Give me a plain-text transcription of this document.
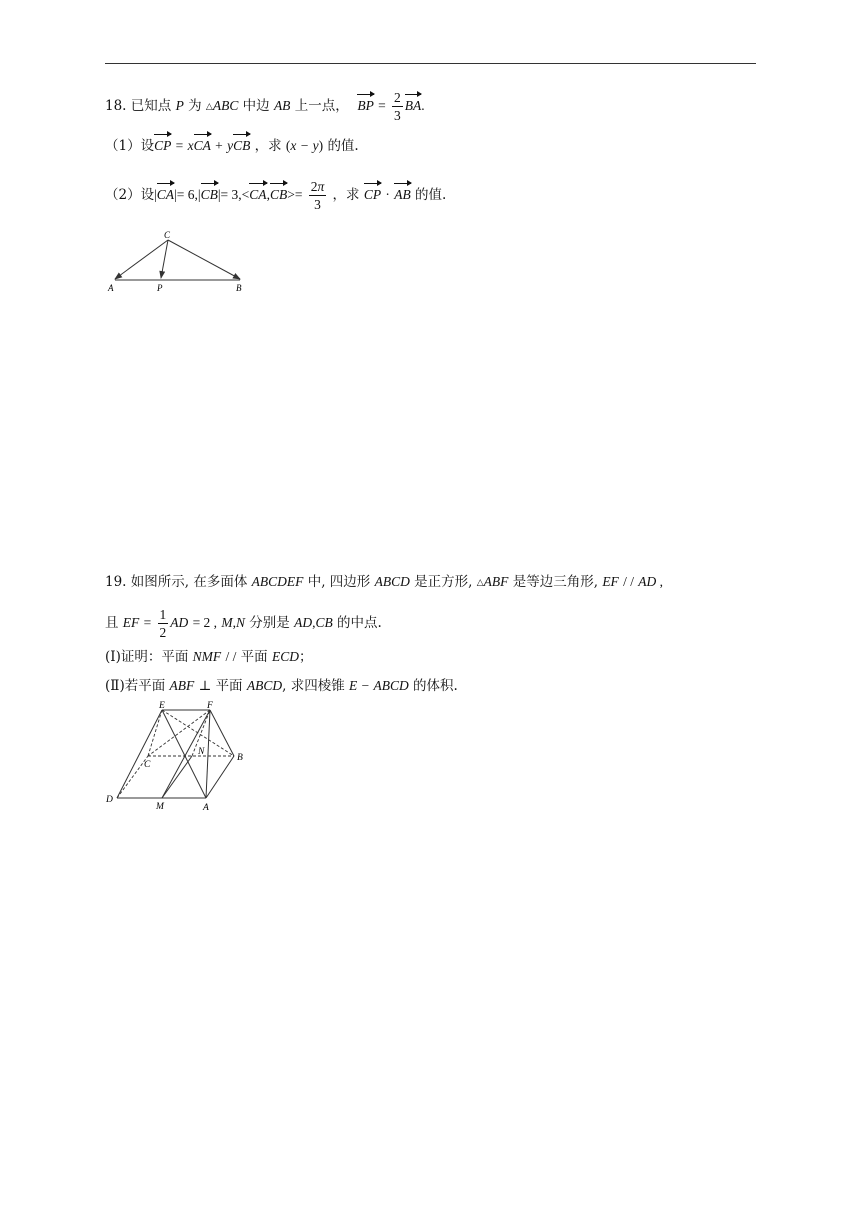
18. 已知点 P 为 △ABC 中边 AB 上一点， BP = $\frac{2}{3}$ BA.
（1）设CP = xCA + yCB ，求 (x − y) 的值.
（2）设$|CA|= 6,|CB|= 3,<CA,CB>= \frac{2\pi}{3}$ ，求 CP · AB 的值.
C
A	P	B
19. 如图所示, 在多面体 ABCDEF 中, 四边形 ABCD 是正方形, △ABF 是等边三角形, EF / / AD ,
且 EF = $\frac{1}{2}$ AD = 2 , M,N 分别是 AD,CB 的中点.
(Ⅰ)证明：平面 NMF / / 平面 ECD；
(Ⅱ)若平面 ABF ⊥ 平面 ABCD, 求四棱锥 E − ABCD 的体积.
E	F
N
B
C
D
M	A
